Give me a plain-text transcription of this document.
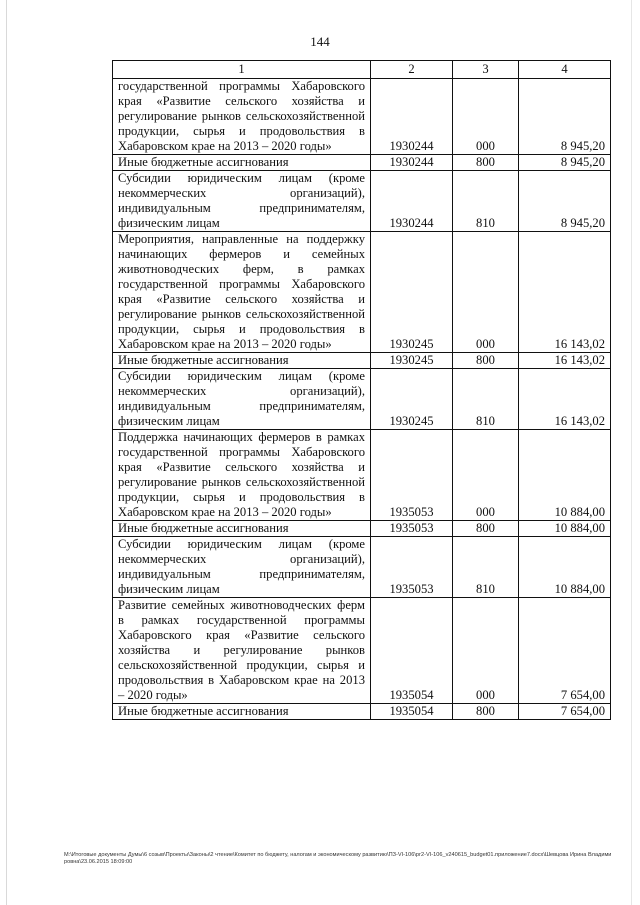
144
1	2	3	4
государственной программы Хабаровского края «Развитие сельского хозяйства и регулирование рынков сельскохозяйственной продукции, сырья и продовольствия в Хабаровском крае на 2013 – 2020 годы»	1930244	000	8 945,20
Иные бюджетные ассигнования	1930244	800	8 945,20
Субсидии юридическим лицам (кроме некоммерческих организаций), индивидуальным предпринимателям, физическим лицам	1930244	810	8 945,20
Мероприятия, направленные на поддержку начинающих фермеров и семейных животноводческих ферм, в рамках государственной программы Хабаровского края «Развитие сельского хозяйства и регулирование рынков сельскохозяйственной продукции, сырья и продовольствия в Хабаровском крае на 2013 – 2020 годы»	1930245	000	16 143,02
Иные бюджетные ассигнования	1930245	800	16 143,02
Субсидии юридическим лицам (кроме некоммерческих организаций), индивидуальным предпринимателям, физическим лицам	1930245	810	16 143,02
Поддержка начинающих фермеров в рамках государственной программы Хабаровского края «Развитие сельского хозяйства и регулирование рынков сельскохозяйственной продукции, сырья и продовольствия в Хабаровском крае на 2013 – 2020 годы»	1935053	000	10 884,00
Иные бюджетные ассигнования	1935053	800	10 884,00
Субсидии юридическим лицам (кроме некоммерческих организаций), индивидуальным предпринимателям, физическим лицам	1935053	810	10 884,00
Развитие семейных животноводческих ферм в рамках государственной программы Хабаровского края «Развитие сельского хозяйства и регулирование рынков сельскохозяйственной продукции, сырья и продовольствия в Хабаровском крае на 2013 – 2020 годы»	1935054	000	7 654,00
Иные бюджетные ассигнования	1935054	800	7 654,00
M:\Итоговые документы Думы\6 созыв\Проекты\Законы\2 чтение\Комитет по бюджету, налогам и экономическому развитию\ПЗ-VI-106\рг2-VI-106_v240615_budget01.приложение7.docx\Шевцова Ирина Владимировна\23.06.2015 18:09:00
